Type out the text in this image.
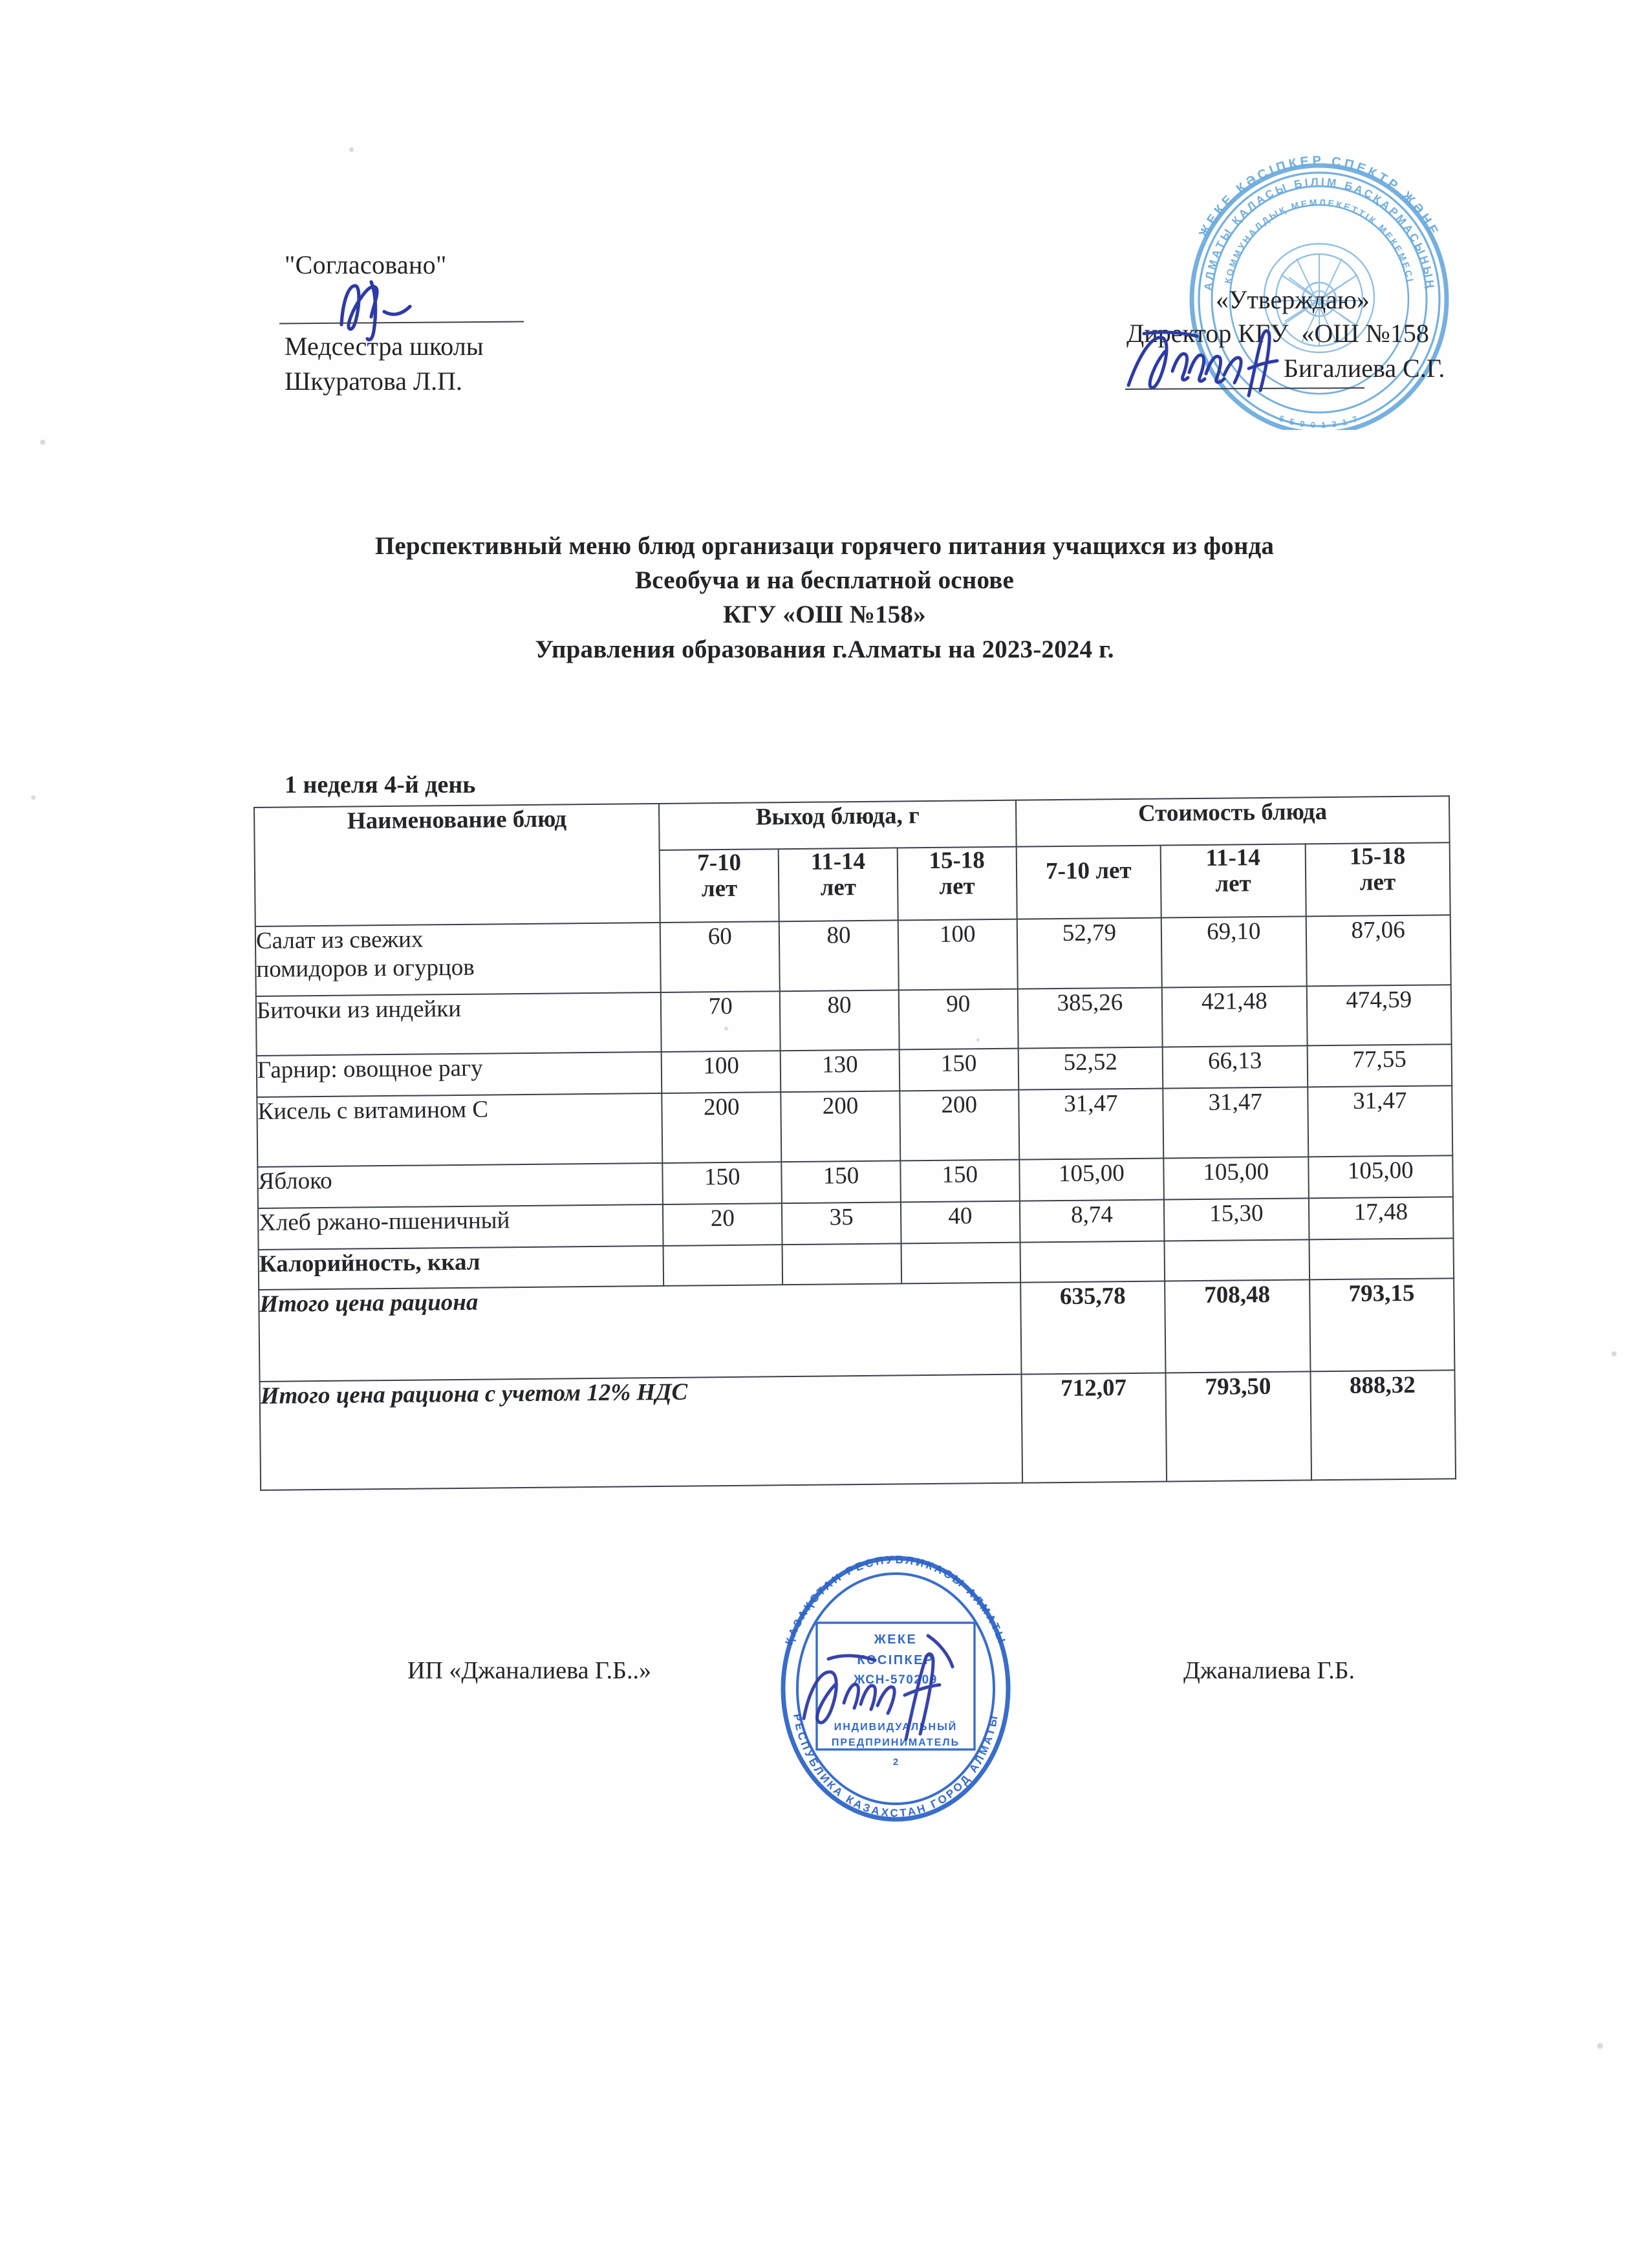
"Согласовано"
Медсестра школы
Шкуратова Л.П.
ЖЕКЕ КӘСІПКЕР СПЕКТР ЖӘНЕ
АЛМАТЫ ҚАЛАСЫ БІЛІМ БАСҚАРМАСЫНЫҢ
КОММУНАЛДЫҚ МЕМЛЕКЕТТІК МЕКЕМЕСІ
5 5 9 0 1 3 1 7
«Утверждаю»
Директор КГУ  «ОШ №158
Бигалиева С.Г.
Перспективный меню блюд организаци горячего питания учащихся из фонда
Всеобуча и на бесплатной основе
КГУ «ОШ №158»
Управления образования г.Алматы на 2023-2024 г.
1 неделя 4-й день
Наименование блюд	Выход блюда, г			Стоимость блюда		

	7-10
лет	11-14
лет	15-18
лет	7-10 лет	11-14
лет	15-18
лет

Салат из свежих
помидоров и огурцов	60	80	100	52,79	69,10	87,06
Биточки из индейки	70	80	90	385,26	421,48	474,59
Гарнир: овощное рагу	100	130	150	52,52	66,13	77,55
Кисель с витамином С	200	200	200	31,47	31,47	31,47
Яблоко	150	150	150	105,00	105,00	105,00
Хлеб ржано-пшеничный	20	35	40	8,74	15,30	17,48
Калорийность, ккал						
Итого цена рациона				635,78	708,48	793,15
Итого цена рациона с учетом 12% НДС				712,07	793,50	888,32
ҚАЗАҚСТАН РЕСПУБЛИКАСЫ АЛМАТЫ
РЕСПУБЛИКА КАЗАХСТАН ГОРОД АЛМАТЫ
ЖЕКЕ
КӘСІПКЕР
ЖСН-570209
ИНДИВИДУАЛЬНЫЙ
ПРЕДПРИНИМАТЕЛЬ
2
ИП «Джаналиева Г.Б..»	Джаналиева Г.Б.
